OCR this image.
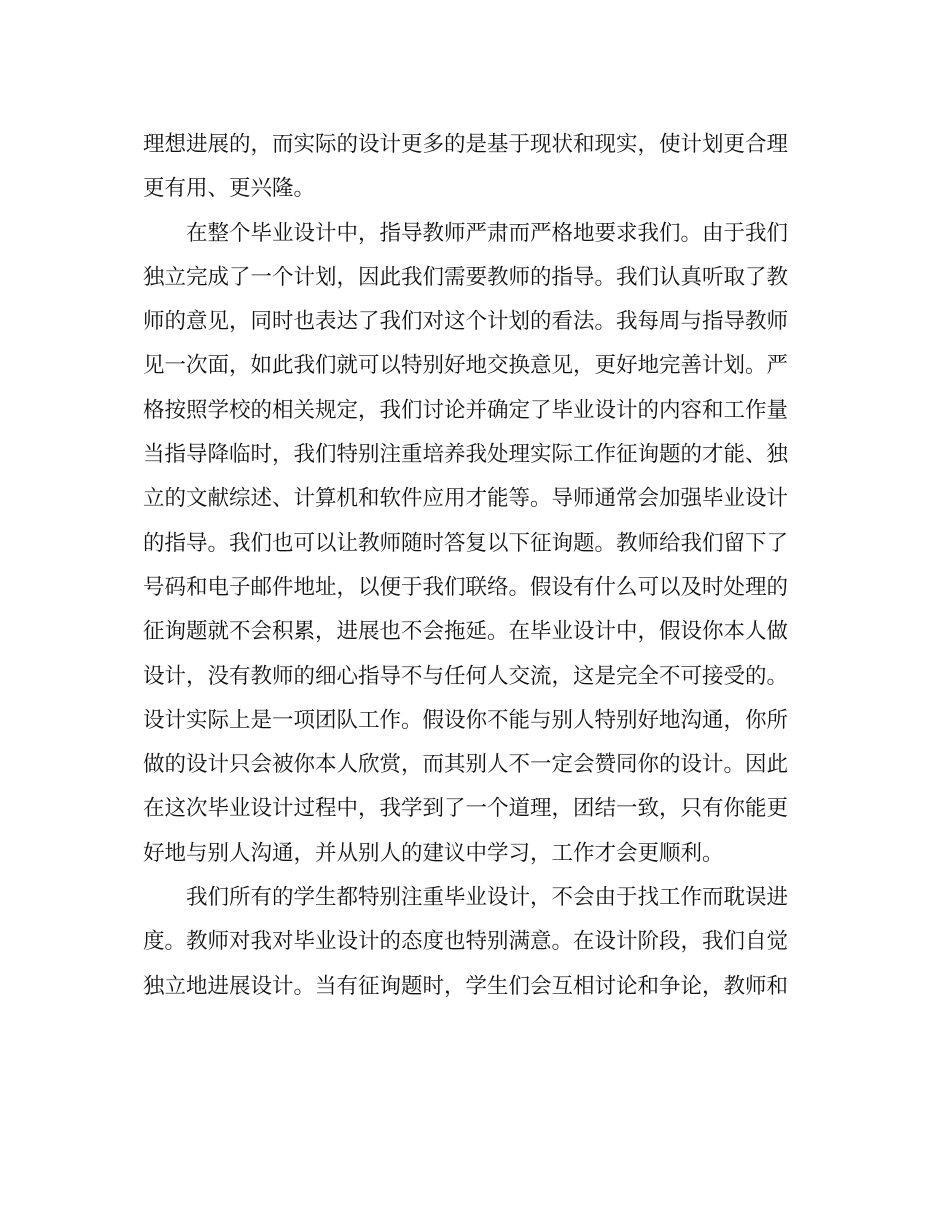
理想进展的，而实际的设计更多的是基于现状和现实，使计划更合理
更有用、更兴隆。
在整个毕业设计中，指导教师严肃而严格地要求我们。由于我们
独立完成了一个计划，因此我们需要教师的指导。我们认真听取了教
师的意见，同时也表达了我们对这个计划的看法。我每周与指导教师
见一次面，如此我们就可以特别好地交换意见，更好地完善计划。严
格按照学校的相关规定，我们讨论并确定了毕业设计的内容和工作量
当指导降临时，我们特别注重培养我处理实际工作征询题的才能、独
立的文献综述、计算机和软件应用才能等。导师通常会加强毕业设计
的指导。我们也可以让教师随时答复以下征询题。教师给我们留下了
号码和电子邮件地址，以便于我们联络。假设有什么可以及时处理的
征询题就不会积累，进展也不会拖延。在毕业设计中，假设你本人做
设计，没有教师的细心指导不与任何人交流，这是完全不可接受的。
设计实际上是一项团队工作。假设你不能与别人特别好地沟通，你所
做的设计只会被你本人欣赏，而其别人不一定会赞同你的设计。因此
在这次毕业设计过程中，我学到了一个道理，团结一致，只有你能更
好地与别人沟通，并从别人的建议中学习，工作才会更顺利。
我们所有的学生都特别注重毕业设计，不会由于找工作而耽误进
度。教师对我对毕业设计的态度也特别满意。在设计阶段，我们自觉
独立地进展设计。当有征询题时，学生们会互相讨论和争论，教师和
